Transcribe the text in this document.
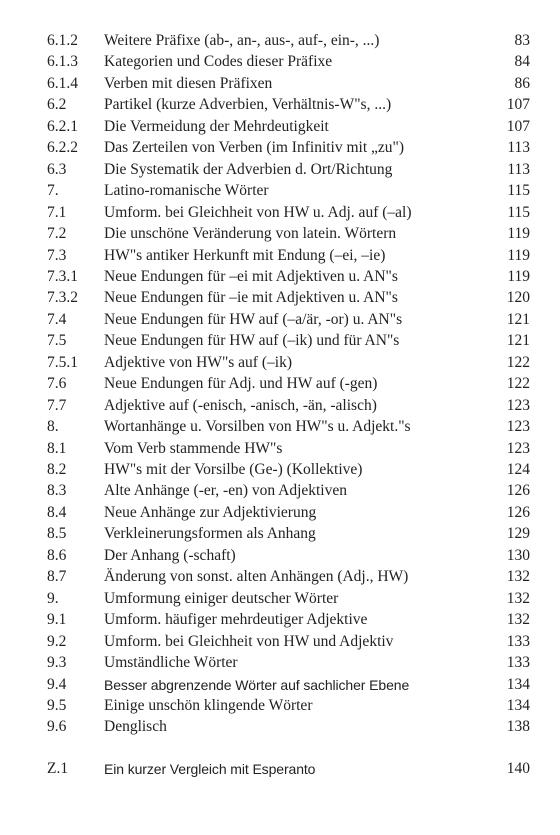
6.1.2 Weitere Präfixe (ab-, an-, aus-, auf-, ein-, ...)	83
6.1.3 Kategorien und Codes dieser Präfixe	84
6.1.4 Verben mit diesen Präfixen	86
6.2 Partikel (kurze Adverbien, Verhältnis-W"s, ...)	107
6.2.1 Die Vermeidung der Mehrdeutigkeit	107
6.2.2 Das Zerteilen von Verben (im Infinitiv mit „zu")	113
6.3 Die Systematik der Adverbien d. Ort/Richtung	113
7.	Latino-romanische Wörter	115
7.1 Umform. bei Gleichheit von HW u. Adj. auf (–al)	115
7.2 Die unschöne Veränderung von latein. Wörtern	119
7.3 HW"s antiker Herkunft mit Endung (–ei, –ie)	119
7.3.1 Neue Endungen für –ei mit Adjektiven u. AN"s	119
7.3.2 Neue Endungen für –ie mit Adjektiven u. AN"s	120
7.4 Neue Endungen für HW auf (–a/är, -or) u. AN"s	121
7.5 Neue Endungen für HW auf (–ik) und für AN"s	121
7.5.1 Adjektive von HW"s auf (–ik)	122
7.6 Neue Endungen für Adj. und HW auf (-gen)	122
7.7 Adjektive auf (-enisch, -anisch, -än, -alisch)	123
8.	Wortanhänge u. Vorsilben von HW"s u. Adjekt."s	123
8.1 Vom Verb stammende HW"s	123
8.2 HW"s mit der Vorsilbe (Ge-) (Kollektive)	124
8.3 Alte Anhänge (-er, -en) von Adjektiven	126
8.4 Neue Anhänge zur Adjektivierung	126
8.5 Verkleinerungsformen als Anhang	129
8.6 Der Anhang (-schaft)	130
8.7 Änderung von sonst. alten Anhängen (Adj., HW)	132
9.	Umformung einiger deutscher Wörter	132
9.1 Umform. häufiger mehrdeutiger Adjektive	132
9.2 Umform. bei Gleichheit von HW und Adjektiv	133
9.3 Umständliche Wörter	133
9.4	Besser abgrenzende Wörter auf sachlicher Ebene	134
9.5 Einige unschön klingende Wörter	134
9.6 Denglisch	138
Z.1	Ein kurzer Vergleich mit Esperanto	140
